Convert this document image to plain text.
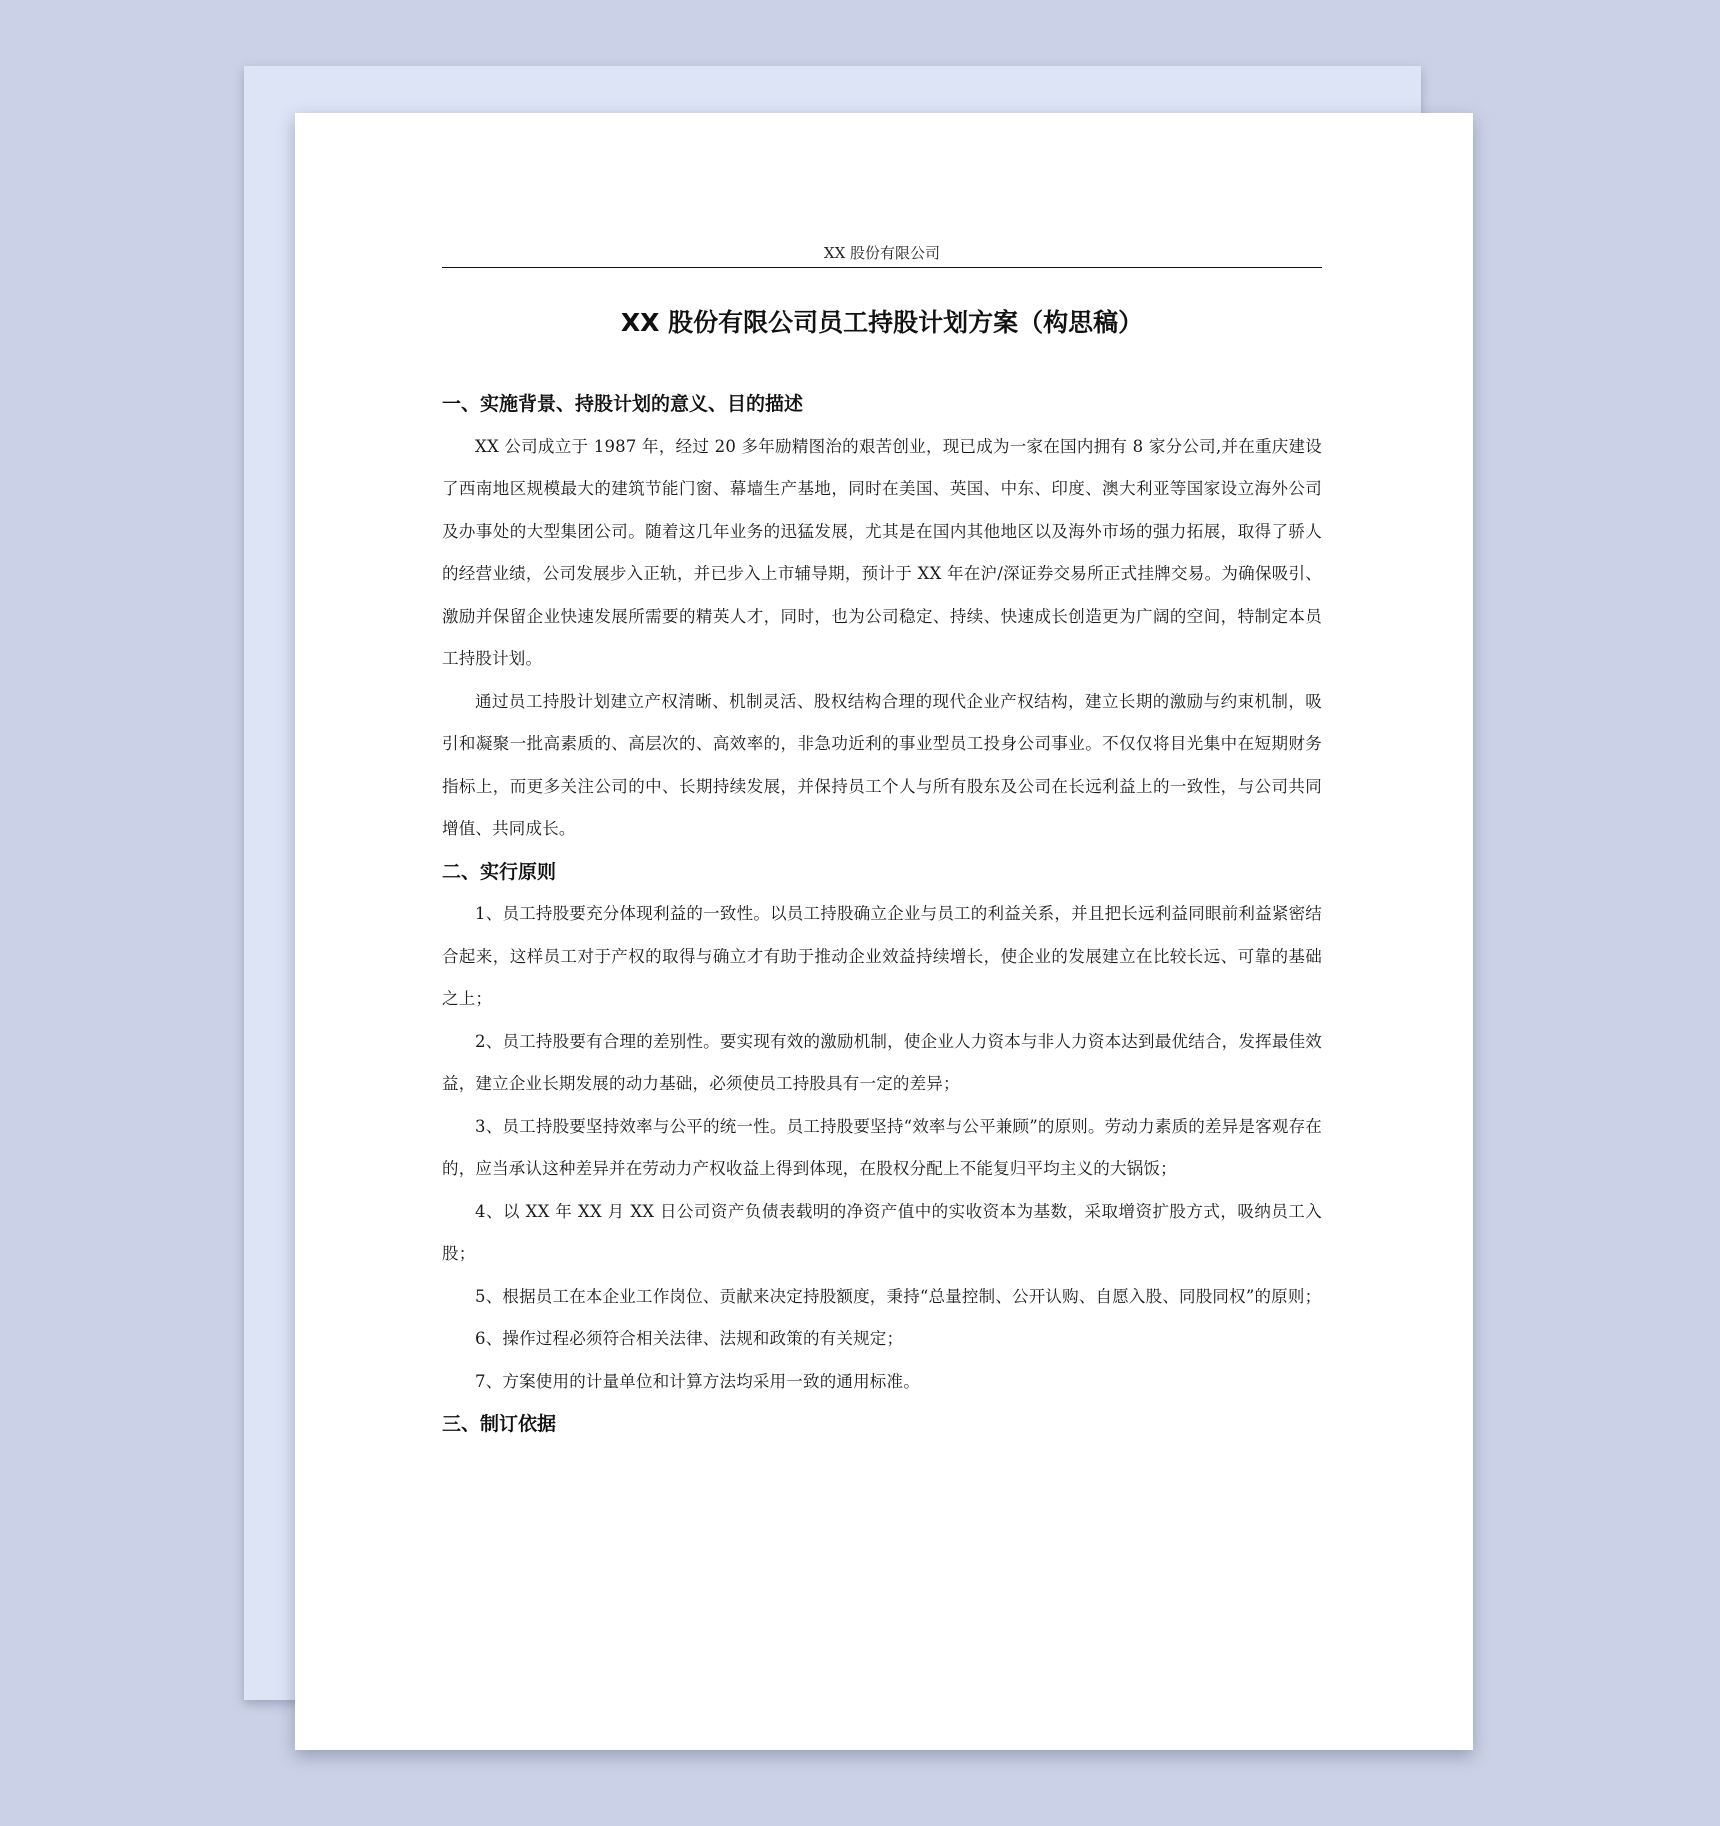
XX 股份有限公司
XX 股份有限公司员工持股计划方案（构思稿）
一、实施背景、持股计划的意义、目的描述

XX 公司成立于 1987 年，经过 20 多年励精图治的艰苦创业，现已成为一家在国内拥有 8 家分公司,并在重庆建设了西南地区规模最大的建筑节能门窗、幕墙生产基地，同时在美国、英国、中东、印度、澳大利亚等国家设立海外公司及办事处的大型集团公司。随着这几年业务的迅猛发展，尤其是在国内其他地区以及海外市场的强力拓展，取得了骄人的经营业绩，公司发展步入正轨，并已步入上市辅导期，预计于 XX 年在沪/深证券交易所正式挂牌交易。为确保吸引、激励并保留企业快速发展所需要的精英人才，同时，也为公司稳定、持续、快速成长创造更为广阔的空间，特制定本员工持股计划。

通过员工持股计划建立产权清晰、机制灵活、股权结构合理的现代企业产权结构，建立长期的激励与约束机制，吸引和凝聚一批高素质的、高层次的、高效率的，非急功近利的事业型员工投身公司事业。不仅仅将目光集中在短期财务指标上，而更多关注公司的中、长期持续发展，并保持员工个人与所有股东及公司在长远利益上的一致性，与公司共同增值、共同成长。

二、实行原则

1、员工持股要充分体现利益的一致性。以员工持股确立企业与员工的利益关系，并且把长远利益同眼前利益紧密结合起来，这样员工对于产权的取得与确立才有助于推动企业效益持续增长，使企业的发展建立在比较长远、可靠的基础之上；

2、员工持股要有合理的差别性。要实现有效的激励机制，使企业人力资本与非人力资本达到最优结合，发挥最佳效益，建立企业长期发展的动力基础，必须使员工持股具有一定的差异；

3、员工持股要坚持效率与公平的统一性。员工持股要坚持“效率与公平兼顾”的原则。劳动力素质的差异是客观存在的，应当承认这种差异并在劳动力产权收益上得到体现，在股权分配上不能复归平均主义的大锅饭；

4、以 XX 年 XX 月 XX 日公司资产负债表载明的净资产值中的实收资本为基数，采取增资扩股方式，吸纳员工入股；

5、根据员工在本企业工作岗位、贡献来决定持股额度，秉持“总量控制、公开认购、自愿入股、同股同权”的原则；

6、操作过程必须符合相关法律、法规和政策的有关规定；

7、方案使用的计量单位和计算方法均采用一致的通用标准。

三、制订依据
